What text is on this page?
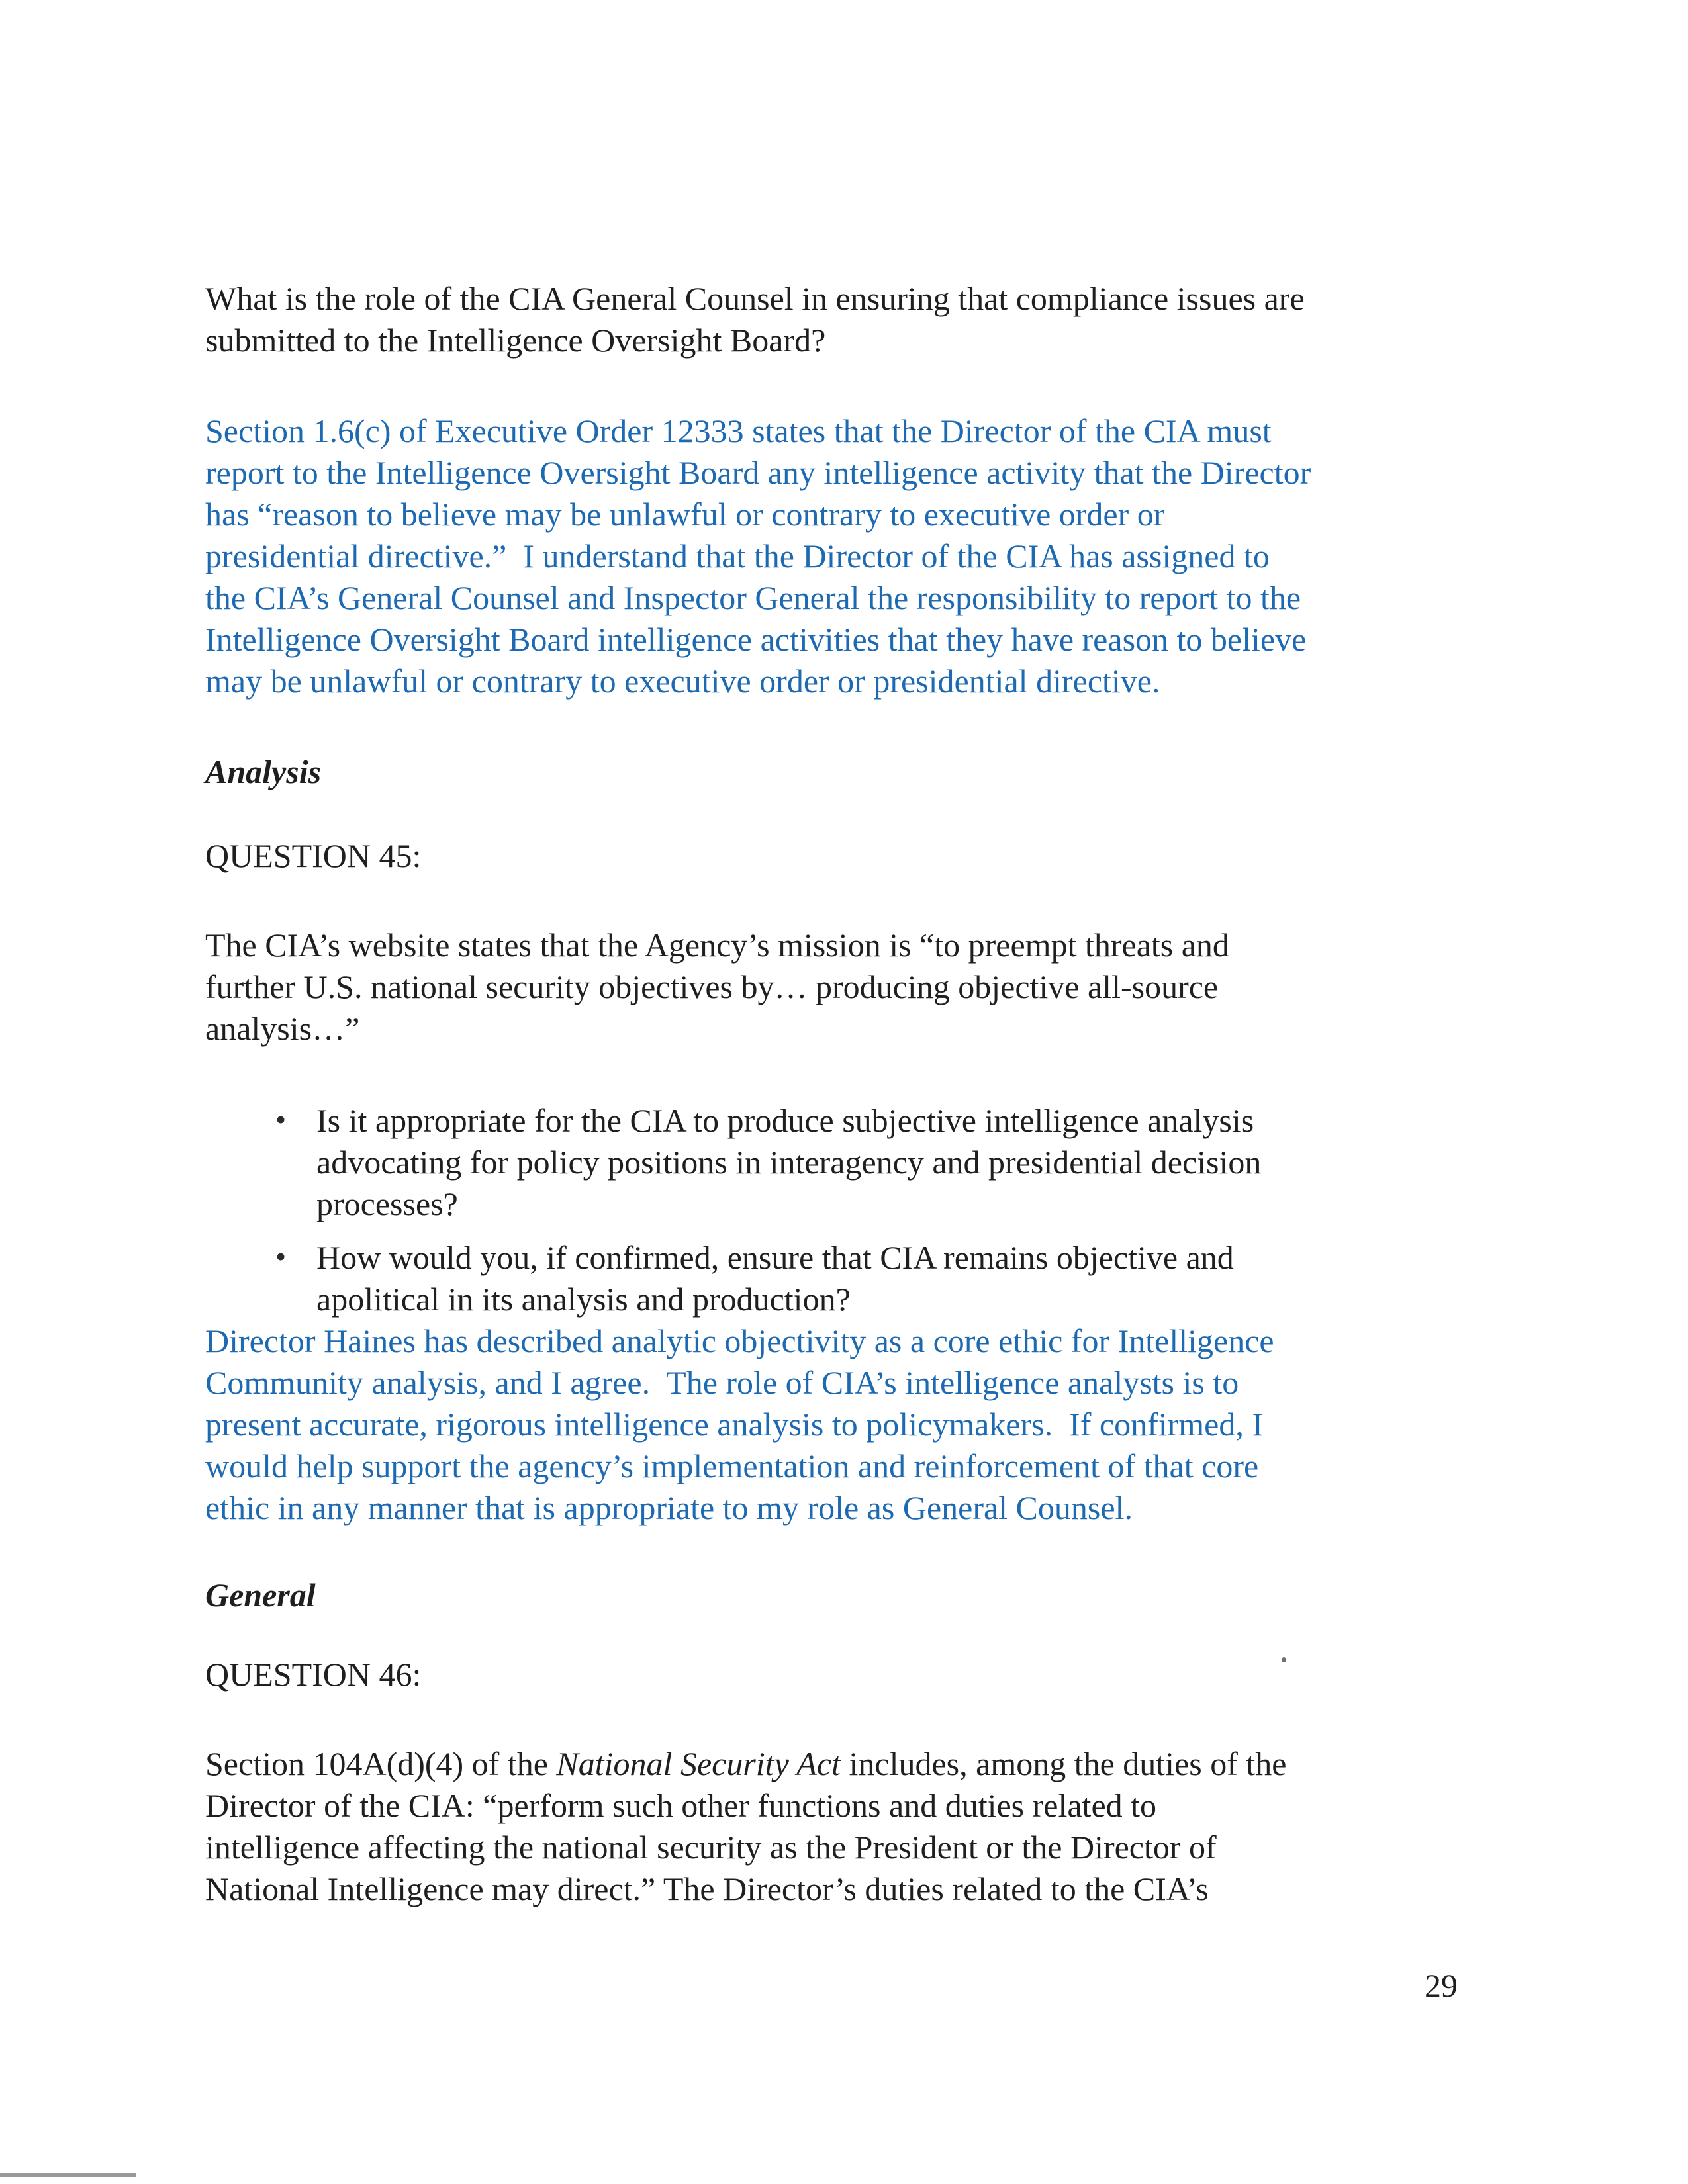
What is the role of the CIA General Counsel in ensuring that compliance issues are
submitted to the Intelligence Oversight Board?
Section 1.6(c) of Executive Order 12333 states that the Director of the CIA must
report to the Intelligence Oversight Board any intelligence activity that the Director
has “reason to believe may be unlawful or contrary to executive order or
presidential directive.”  I understand that the Director of the CIA has assigned to
the CIA’s General Counsel and Inspector General the responsibility to report to the
Intelligence Oversight Board intelligence activities that they have reason to believe
may be unlawful or contrary to executive order or presidential directive.
Analysis
QUESTION 45:
The CIA’s website states that the Agency’s mission is “to preempt threats and
further U.S. national security objectives by… producing objective all-source
analysis…”
• Is it appropriate for the CIA to produce subjective intelligence analysis
advocating for policy positions in interagency and presidential decision
processes?
• How would you, if confirmed, ensure that CIA remains objective and
apolitical in its analysis and production?
Director Haines has described analytic objectivity as a core ethic for Intelligence
Community analysis, and I agree.  The role of CIA’s intelligence analysts is to
present accurate, rigorous intelligence analysis to policymakers.  If confirmed, I
would help support the agency’s implementation and reinforcement of that core
ethic in any manner that is appropriate to my role as General Counsel.
General
QUESTION 46:
Section 104A(d)(4) of the National Security Act includes, among the duties of the
Director of the CIA: “perform such other functions and duties related to
intelligence affecting the national security as the President or the Director of
National Intelligence may direct.” The Director’s duties related to the CIA’s
29
